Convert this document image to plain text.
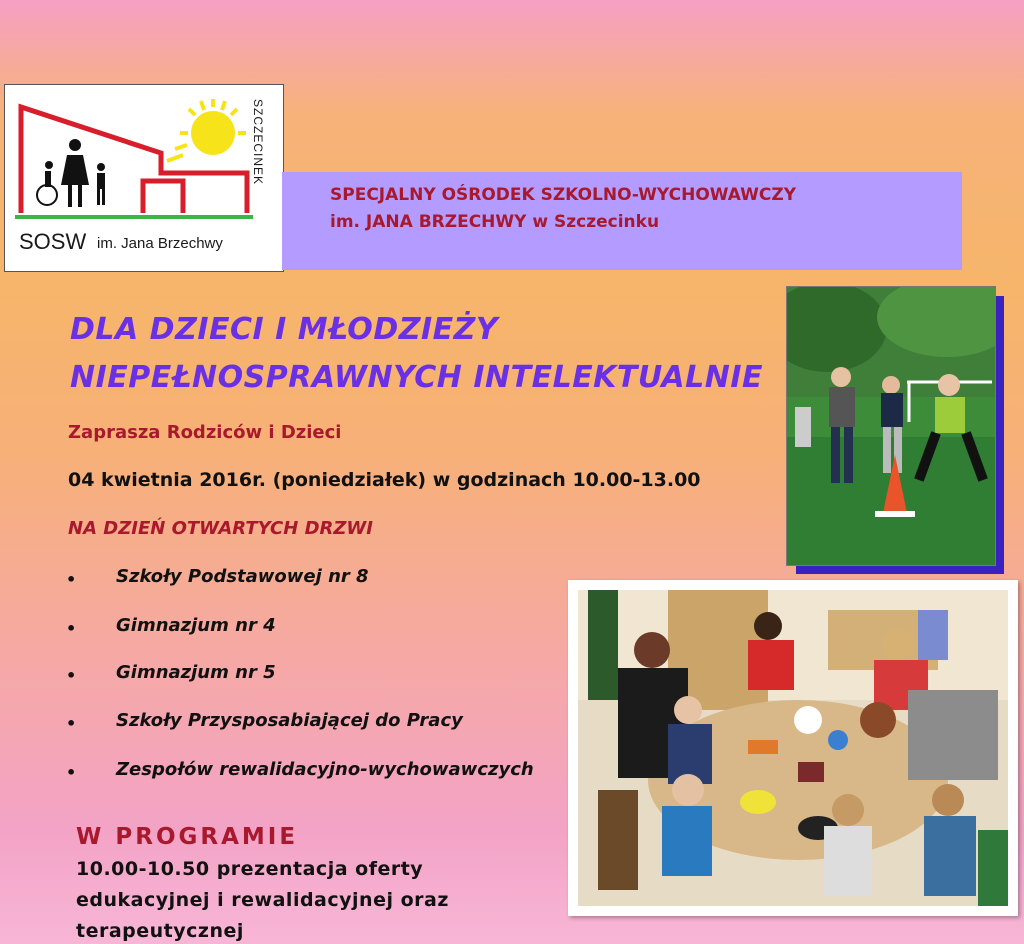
SZCZECINEK
SOSW im. Jana Brzechwy
SPECJALNY OŚRODEK SZKOLNO-WYCHOWAWCZY
im. JANA BRZECHWY w Szczecinku
DLA DZIECI I MŁODZIEŻY
NIEPEŁNOSPRAWNYCH INTELEKTUALNIE
Zaprasza Rodziców i Dzieci
04 kwietnia 2016r. (poniedziałek) w godzinach 10.00-13.00
NA DZIEŃ OTWARTYCH DRZWI
• Szkoły Podstawowej nr 8
• Gimnazjum nr 4
• Gimnazjum nr 5
• Szkoły Przysposabiającej do Pracy
• Zespołów rewalidacyjno-wychowawczych
W PROGRAMIE
10.00-10.50 prezentacja oferty
edukacyjnej i rewalidacyjnej oraz
terapeutycznej
